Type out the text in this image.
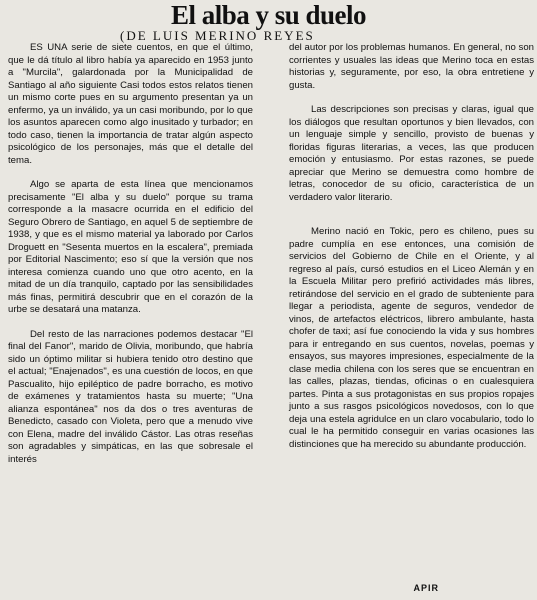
El alba y su duelo
(DE LUIS MERINO REYES

ES UNA serie de siete cuentos, en que el último, que le dá título al libro había ya aparecido en 1953 junto a "Murcila", galardonada por la Municipalidad de Santiago al año siguiente Casi todos estos relatos tienen un mismo corte pues en su argumento presentan ya un enfermo, ya un inválido, ya un casi moribundo, por lo que los asuntos aparecen como algo inusitado y turbador; en todo caso, tienen la importancia de tratar algún aspecto psicológico de los personajes, más que el detalle del tema.

Algo se aparta de esta línea que mencionamos precisamente "El alba y su duelo" porque su trama corresponde a la masacre ocurrida en el edificio del Seguro Obrero de Santiago, en aquel 5 de septiembre de 1938, y que es el mismo material ya laborado por Carlos Droguett en "Sesenta muertos en la escalera", premiada por Editorial Nascimento; eso sí que la versión que nos interesa comienza cuando uno que otro acento, en la mitad de un día tranquilo, captado por las sensibilidades más finas, permitirá descubrir que en el corazón de la urbe se desatará una matanza.

Del resto de las narraciones podemos destacar "El final del Fanor", marido de Olivia, moribundo, que habría sido un óptimo militar si hubiera tenido otro destino que el actual; "Enajenados", es una cuestión de locos, en que Pascualito, hijo epiléptico de padre borracho, es motivo de exámenes y tratamientos hasta su muerte; "Una alianza espontánea" nos da dos o tres aventuras de Benedicto, casado con Violeta, pero que a menudo vive con Elena, madre del inválido Cástor. Las otras reseñas son agradables y simpáticas, en las que sobresale el interés

del autor por los problemas humanos. En general, no son corrientes y usuales las ideas que Merino toca en estas historias y, seguramente, por eso, la obra entretiene y gusta.

Las descripciones son precisas y claras, igual que los diálogos que resultan oportunos y bien llevados, con un lenguaje simple y sencillo, provisto de buenas y floridas figuras literarias, a veces, las que producen emoción y entusiasmo. Por estas razones, se puede apreciar que Merino se demuestra como hombre de letras, conocedor de su oficio, característica de un verdadero valor literario.

Merino nació en Tokic, pero es chileno, pues su padre cumplía en ese entonces, una comisión de servicios del Gobierno de Chile en el Oriente, y al regreso al país, cursó estudios en el Liceo Alemán y en la Escuela Militar pero prefirió actividades más libres, retirándose del servicio en el grado de subteniente para llegar a periodista, agente de seguros, vendedor de vinos, de artefactos eléctricos, librero ambulante, hasta chofer de taxi; así fue conociendo la vida y sus hombres para ir entregando en sus cuentos, novelas, poemas y ensayos, sus mayores impresiones, especialmente de la clase media chilena con los seres que se encuentran en las calles, plazas, tiendas, oficinas o en cualesquiera partes. Pinta a sus protagonistas en sus propios ropajes junto a sus rasgos psicológicos novedosos, con lo que deja una estela agridulce en un claro vocabulario, todo lo cual le ha permitido conseguir en varias ocasiones las distinciones que ha merecido su abundante producción.

APIR
